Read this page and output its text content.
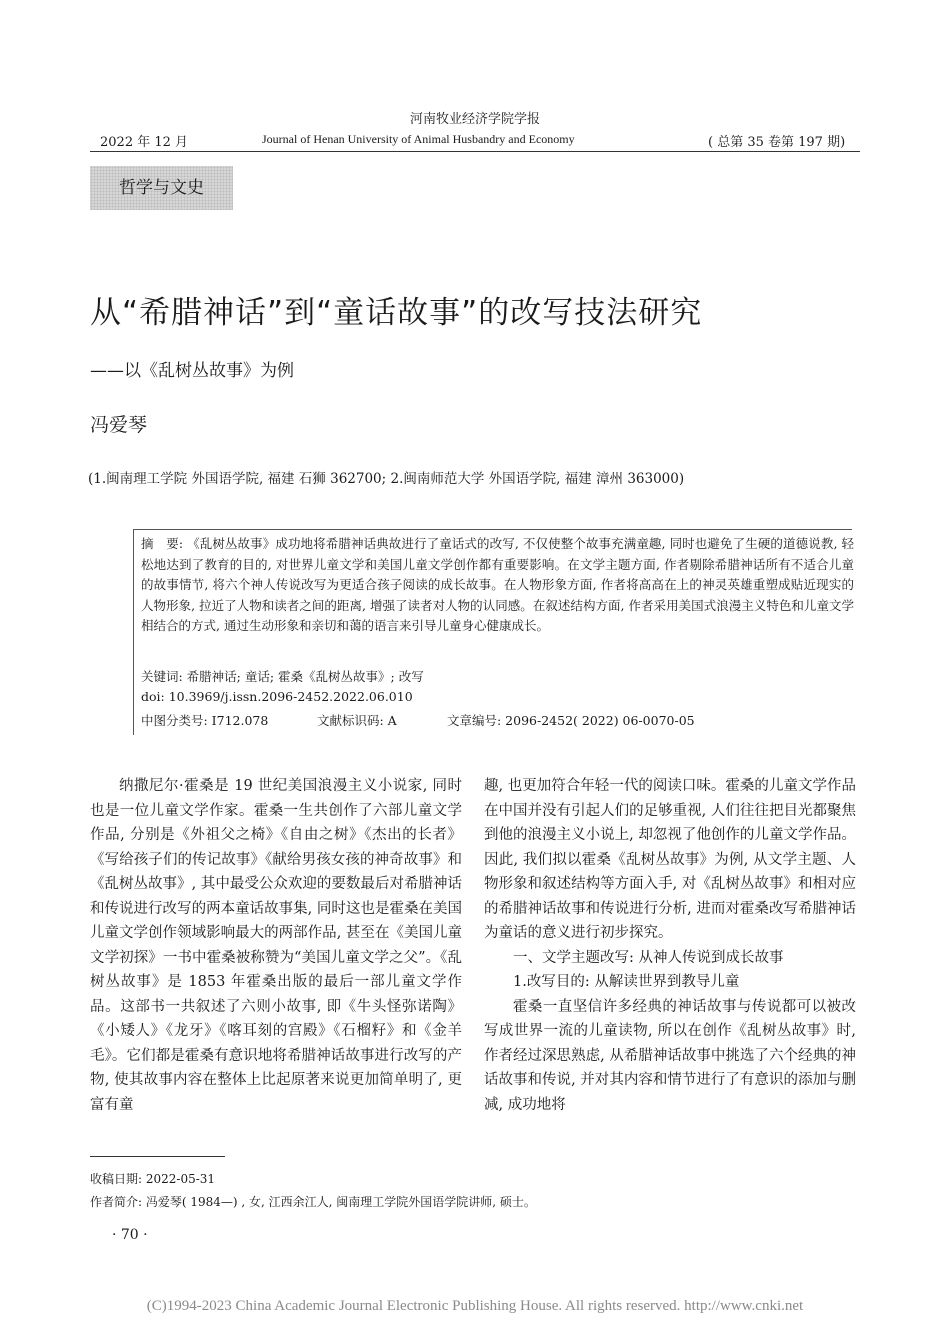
河南牧业经济学院学报
2022 年 12 月	Journal of Henan University of Animal Husbandry and Economy	( 总第 35 卷第 197 期)
哲学与文史
从“希腊神话”到“童话故事”的改写技法研究
——以《乱树丛故事》为例
冯爱琴
(1.闽南理工学院 外国语学院, 福建 石狮 362700; 2.闽南师范大学 外国语学院, 福建 漳州 363000)

摘　要: 《乱树丛故事》成功地将希腊神话典故进行了童话式的改写, 不仅使整个故事充满童趣, 同时也避免了生硬的道德说教, 轻松地达到了教育的目的, 对世界儿童文学和美国儿童文学创作都有重要影响。在文学主题方面, 作者剔除希腊神话所有不适合儿童的故事情节, 将六个神人传说改写为更适合孩子阅读的成长故事。在人物形象方面, 作者将高高在上的神灵英雄重塑成贴近现实的人物形象, 拉近了人物和读者之间的距离, 增强了读者对人物的认同感。在叙述结构方面, 作者采用美国式浪漫主义特色和儿童文学相结合的方式, 通过生动形象和亲切和蔼的语言来引导儿童身心健康成长。

关键词: 希腊神话; 童话; 霍桑《乱树丛故事》; 改写
doi: 10.3969/j.issn.2096-2452.2022.06.010
中图分类号: I712.078	文献标识码: A	文章编号: 2096-2452( 2022) 06-0070-05

纳撒尼尔·霍桑是 19 世纪美国浪漫主义小说家, 同时也是一位儿童文学作家。霍桑一生共创作了六部儿童文学作品, 分别是《外祖父之椅》《自由之树》《杰出的长者》《写给孩子们的传记故事》《献给男孩女孩的神奇故事》和《乱树丛故事》, 其中最受公众欢迎的要数最后对希腊神话和传说进行改写的两本童话故事集, 同时这也是霍桑在美国儿童文学创作领域影响最大的两部作品, 甚至在《美国儿童文学初探》一书中霍桑被称赞为“美国儿童文学之父”。《乱树丛故事》是 1853 年霍桑出版的最后一部儿童文学作品。这部书一共叙述了六则小故事, 即《牛头怪弥诺陶》《小矮人》《龙牙》《喀耳刻的宫殿》《石榴籽》和《金羊毛》。它们都是霍桑有意识地将希腊神话故事进行改写的产物, 使其故事内容在整体上比起原著来说更加简单明了, 更富有童

趣, 也更加符合年轻一代的阅读口味。霍桑的儿童文学作品在中国并没有引起人们的足够重视, 人们往往把目光都聚焦到他的浪漫主义小说上, 却忽视了他创作的儿童文学作品。因此, 我们拟以霍桑《乱树丛故事》为例, 从文学主题、人物形象和叙述结构等方面入手, 对《乱树丛故事》和相对应的希腊神话故事和传说进行分析, 进而对霍桑改写希腊神话为童话的意义进行初步探究。

一、文学主题改写: 从神人传说到成长故事

1.改写目的: 从解读世界到教导儿童

霍桑一直坚信许多经典的神话故事与传说都可以被改写成世界一流的儿童读物, 所以在创作《乱树丛故事》时, 作者经过深思熟虑, 从希腊神话故事中挑选了六个经典的神话故事和传说, 并对其内容和情节进行了有意识的添加与删减, 成功地将

收稿日期: 2022-05-31
作者简介: 冯爱琴( 1984—) , 女, 江西余江人, 闽南理工学院外国语学院讲师, 硕士。
· 70 ·
(C)1994-2023 China Academic Journal Electronic Publishing House. All rights reserved. http://www.cnki.net
